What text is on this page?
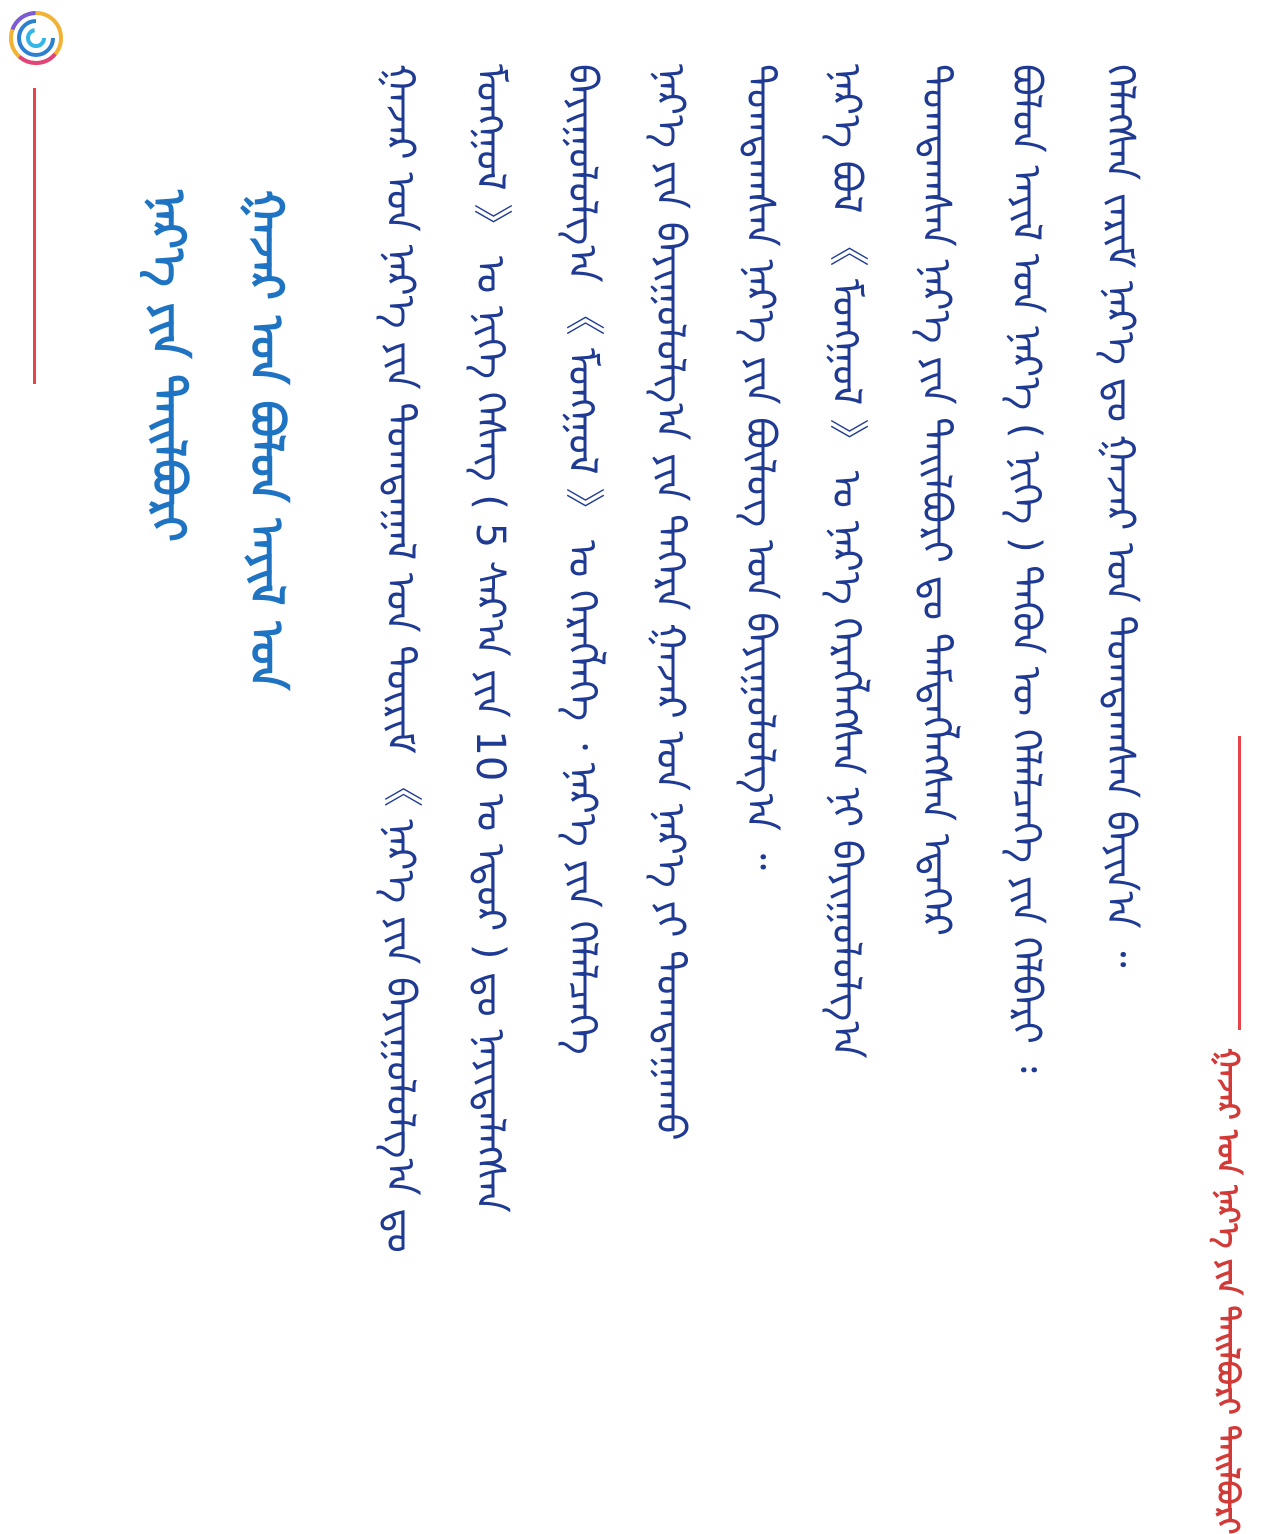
ᠭᠠᠵᠠᠷ ᠤᠨ ᠨᠡᠷ᠎ᠡ ᠶᠢᠨ ᠲᠠᠢᠯᠪᠤᠷᠢ ᠲᠠᠢᠯᠪᠤᠷᠢ
ᠬᠡᠯᠡᠭᠰᠡᠨ ᠵᠠᠷᠢᠮ ᠨᠡᠷ᠎ᠡ ᠳᠤ ᠭᠠᠵᠠᠷ ᠤᠨ ᠲᠣᠭᠲᠠᠭᠰᠠᠨ ᠪᠠᠶᠢᠨ᠎ᠠ ᠃
ᠪᠣᠯᠤᠨ ᠠᠶᠢᠯ ᠤᠨ ᠨᠡᠷ᠎ᠡ ( ᠨᠢᠭᠡ ) ᠲᠡᠭᠦᠨ ᠦ ᠬᠡᠯᠡᠯᠴᠡᠭᠡ ᠶᠢᠨ ᠬᠡᠯᠪᠡᠷᠢ ᠄
ᠲᠣᠭᠲᠠᠭᠰᠠᠨ ᠨᠡᠷ᠎ᠡ ᠶᠢᠨ ᠲᠠᠢᠯᠪᠤᠷᠢ ᠳᠤ ᠲᠡᠮᠳᠡᠭᠯᠡᠭᠰᠡᠨ ᠡᠳᠡᠭᠡᠷ
ᠨᠡᠷ᠎ᠡ ᠪᠣᠯ 《 ᠮᠣᠩᠭᠣᠯ 》 ᠤ ᠨᠡᠷ᠎ᠡ ᠬᠡᠷᠡᠭᠯᠡᠭᠰᠡᠨ ᠨᠢ ᠪᠠᠶᠢᠭᠤᠯᠤᠯᠭ᠎ᠠ
ᠲᠣᠭᠲᠠᠭᠰᠠᠨ ᠨᠡᠷ᠎ᠡ ᠶᠢᠨ ᠪᠦᠯᠦᠭ ᠤᠨ ᠪᠠᠶᠢᠭᠤᠯᠤᠯᠭ᠎ᠠ ᠃
ᠨᠡᠷ᠎ᠡ ᠶᠢᠨ ᠪᠠᠶᠢᠭᠤᠯᠤᠯᠭ᠎ᠠ ᠶᠢᠨ ᠳᠡᠭᠡᠷᠡ ᠭᠠᠵᠠᠷ ᠤᠨ ᠨᠡᠷ᠎ᠡ ᠶᠢ ᠲᠣᠭᠲᠠᠭᠠᠬᠤ
ᠪᠠᠶᠢᠭᠤᠯᠤᠯᠭ᠎ᠠ 《 ᠮᠣᠩᠭᠣᠯ 》 ᠤ ᠬᠡᠷᠡᠭᠯᠡᠭᠡ ᠂ ᠨᠡᠷ᠎ᠡ ᠶᠢᠨ ᠬᠡᠯᠡᠯᠴᠡᠭᠡ
ᠮᠣᠩᠭᠣᠯ 》 ᠤ ᠨᠢᠭᠡ ᠬᠡᠰᠡᠭ ( 5 ᠰᠠᠷ᠎ᠠ ᠶᠢᠨ 10 ᠤ ᠡᠳᠦᠷ ) ᠳᠤ ᠨᠡᠶᠢᠲᠡᠯᠡᠭᠰᠡᠨ
ᠭᠠᠵᠠᠷ ᠤᠨ ᠨᠡᠷ᠎ᠡ ᠶᠢᠨ ᠲᠣᠭᠲᠠᠭᠠᠯ ᠤᠨ ᠳᠦᠷᠢᠮ 《 ᠨᠡᠷ᠎ᠡ ᠶᠢᠨ ᠪᠠᠶᠢᠭᠤᠯᠤᠯᠭ᠎ᠠ ᠳᠤ
ᠭᠠᠵᠠᠷ ᠤᠨ ᠪᠣᠯᠤᠨ ᠠᠶᠢᠯ ᠤᠨ
ᠨᠡᠷ᠎ᠡ ᠶᠢᠨ ᠲᠠᠢᠯᠪᠤᠷᠢ
